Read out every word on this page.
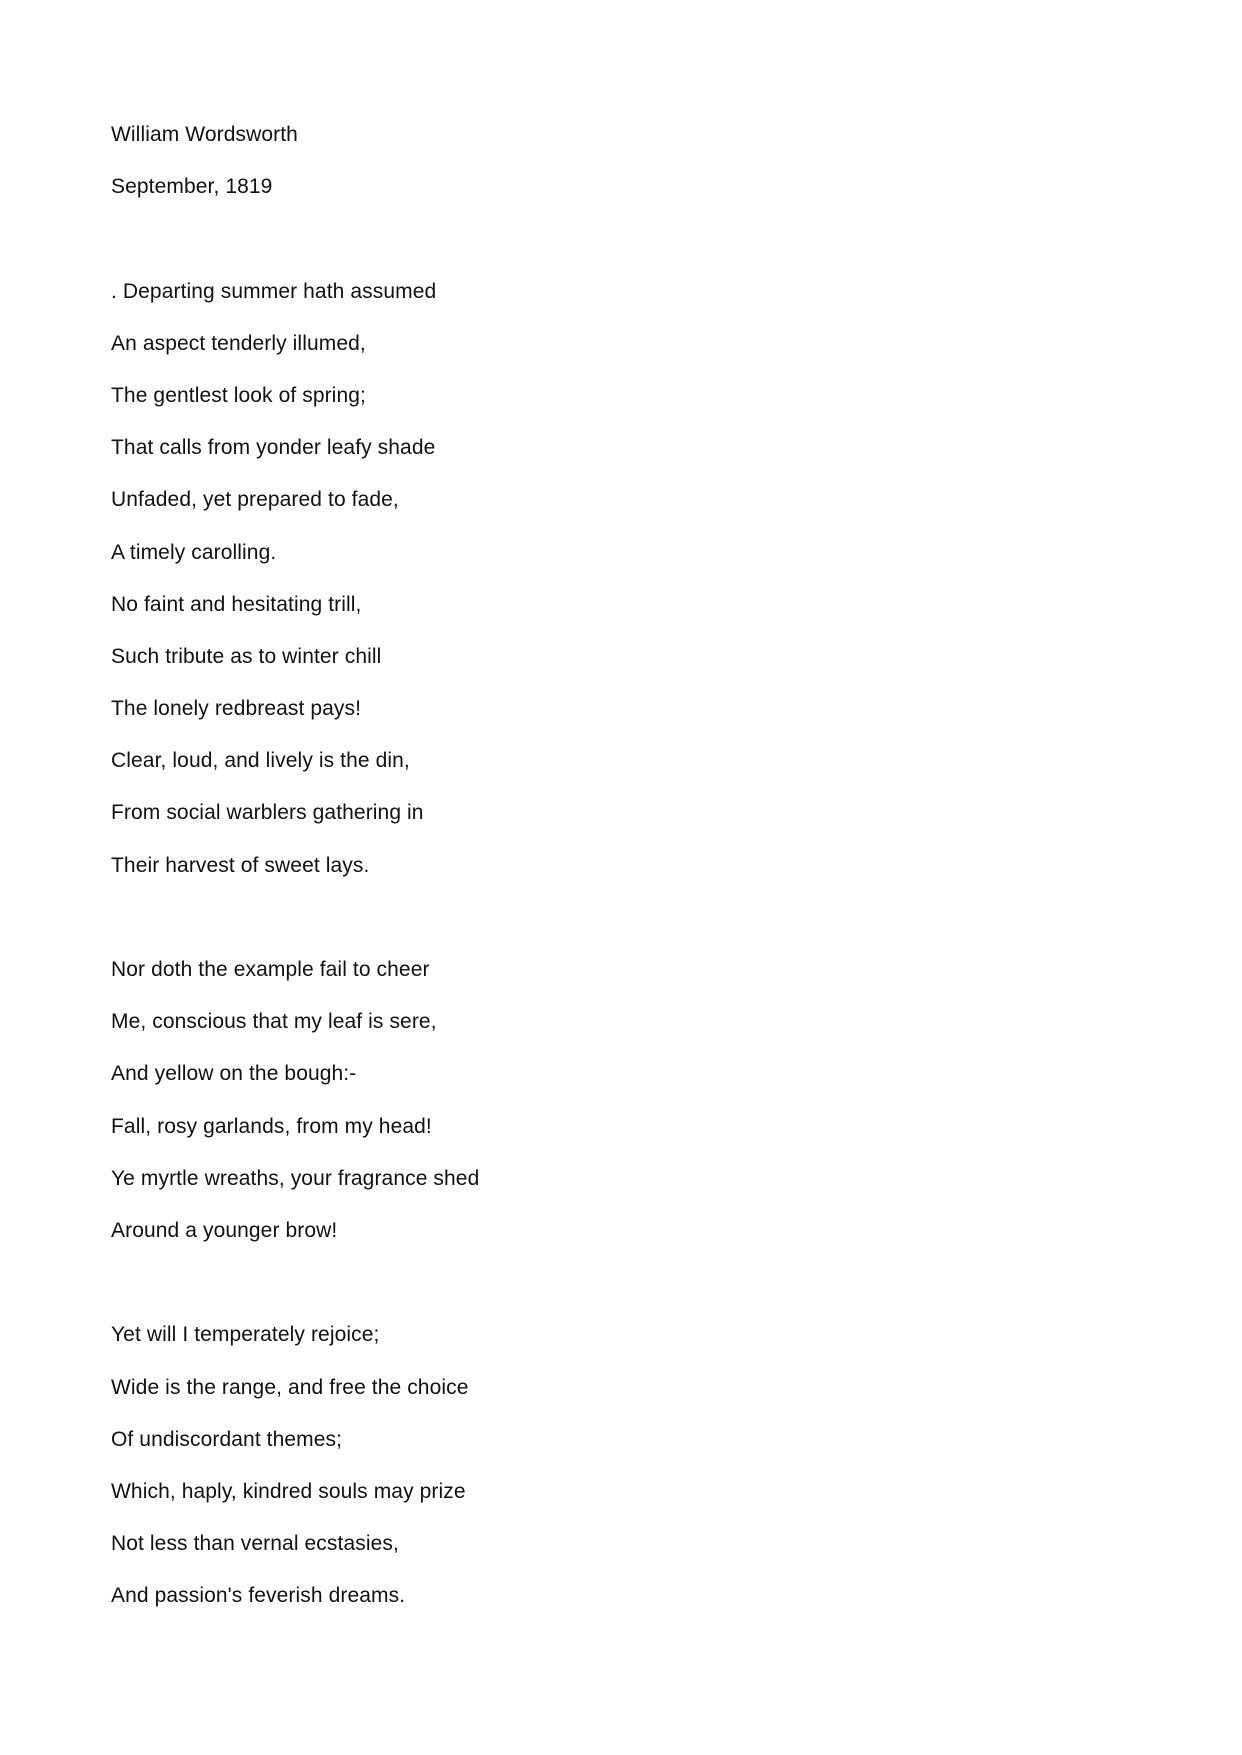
William Wordsworth
September, 1819
. Departing summer hath assumed
An aspect tenderly illumed,
The gentlest look of spring;
That calls from yonder leafy shade
Unfaded, yet prepared to fade,
A timely carolling.
No faint and hesitating trill,
Such tribute as to winter chill
The lonely redbreast pays!
Clear, loud, and lively is the din,
From social warblers gathering in
Their harvest of sweet lays.
Nor doth the example fail to cheer
Me, conscious that my leaf is sere,
And yellow on the bough:-
Fall, rosy garlands, from my head!
Ye myrtle wreaths, your fragrance shed
Around a younger brow!
Yet will I temperately rejoice;
Wide is the range, and free the choice
Of undiscordant themes;
Which, haply, kindred souls may prize
Not less than vernal ecstasies,
And passion's feverish dreams.
